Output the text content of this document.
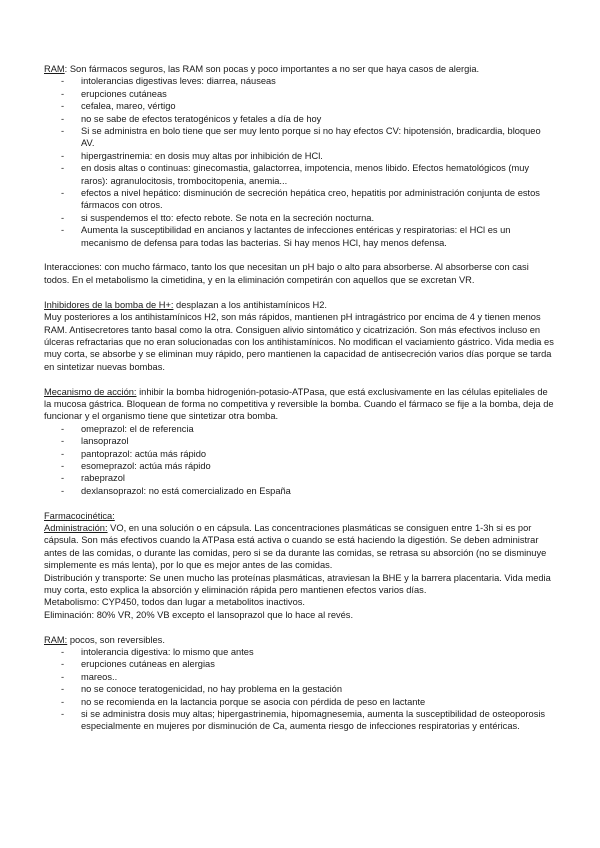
RAM: Son fármacos seguros, las RAM son pocas y poco importantes a no ser que haya casos de alergia.

- intolerancias digestivas leves: diarrea, náuseas
- erupciones cutáneas
- cefalea, mareo, vértigo
- no se sabe de efectos teratogénicos y fetales a día de hoy
- Si se administra en bolo tiene que ser muy lento porque si no hay efectos CV: hipotensión, bradicardia, bloqueo AV.
- hipergastrinemia: en dosis muy altas por inhibición de HCl.
- en dosis altas o continuas: ginecomastia, galactorrea, impotencia, menos libido. Efectos hematológicos (muy raros): agranulocitosis, trombocitopenia, anemia...
- efectos a nivel hepático: disminución de secreción hepática creo, hepatitis por administración conjunta de estos fármacos con otros.
- si suspendemos el tto: efecto rebote. Se nota en la secreción nocturna.
- Aumenta la susceptibilidad en ancianos y lactantes de infecciones entéricas y respiratorias: el HCl es un mecanismo de defensa para todas las bacterias. Si hay menos HCl, hay menos defensa.

Interacciones: con mucho fármaco, tanto los que necesitan un pH bajo o alto para absorberse. Al absorberse con casi todos. En el metabolismo la cimetidina, y en la eliminación competirán con aquellos que se excretan VR.

Inhibidores de la bomba de H+: desplazan a los antihistamínicos H2.

Muy posteriores a los antihistamínicos H2, son más rápidos, mantienen pH intragástrico por encima de 4 y tienen menos RAM. Antisecretores tanto basal como la otra. Consiguen alivio sintomático y cicatrización. Son más efectivos incluso en úlceras refractarias que no eran solucionadas con los antihistamínicos. No modifican el vaciamiento gástrico. Vida media es muy corta, se absorbe y se eliminan muy rápido, pero mantienen la capacidad de antisecreción varios días porque se tarda en sintetizar nuevas bombas.

Mecanismo de acción: inhibir la bomba hidrogenión-potasio-ATPasa, que está exclusivamente en las células epiteliales de la mucosa gástrica. Bloquean de forma no competitiva y reversible la bomba. Cuando el fármaco se fije a la bomba, deja de funcionar y el organismo tiene que sintetizar otra bomba.

- omeprazol: el de referencia
- lansoprazol
- pantoprazol: actúa más rápido
- esomeprazol: actúa más rápido
- rabeprazol
- dexlansoprazol: no está comercializado en España

Farmacocinética:

Administración: VO, en una solución o en cápsula. Las concentraciones plasmáticas se consiguen entre 1-3h si es por cápsula. Son más efectivos cuando la ATPasa está activa o cuando se está haciendo la digestión. Se deben administrar antes de las comidas, o durante las comidas, pero si se da durante las comidas, se retrasa su absorción (no se disminuye simplemente es más lenta), por lo que es mejor antes de las comidas.

Distribución y transporte: Se unen mucho las proteínas plasmáticas, atraviesan la BHE y la barrera placentaria. Vida media muy corta, esto explica la absorción y eliminación rápida pero mantienen efectos varios días.

Metabolismo: CYP450, todos dan lugar a metabolitos inactivos.

Eliminación: 80% VR, 20% VB excepto el lansoprazol que lo hace al revés.

RAM: pocos, son reversibles.

- intolerancia digestiva: lo mismo que antes
- erupciones cutáneas en alergias
- mareos..
- no se conoce teratogenicidad, no hay problema en la gestación
- no se recomienda en la lactancia porque se asocia con pérdida de peso en lactante
- si se administra dosis muy altas; hipergastrinemia, hipomagnesemia, aumenta la susceptibilidad de osteoporosis especialmente en mujeres por disminución de Ca, aumenta riesgo de infecciones respiratorias y entéricas.
